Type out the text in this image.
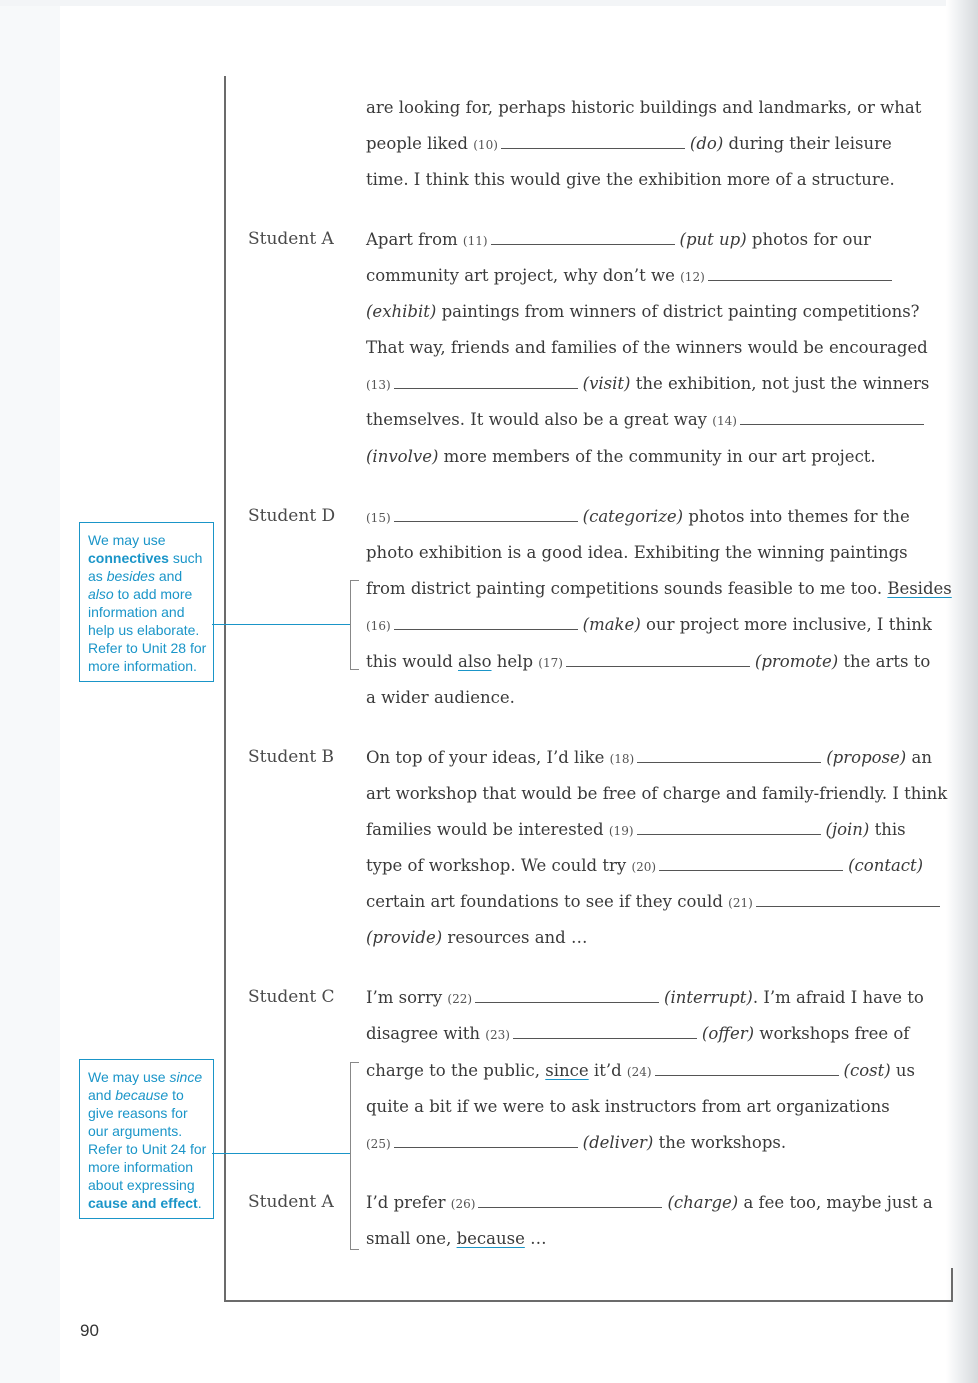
are looking for, perhaps historic buildings and landmarks, or what
people liked (10)	(do) during their leisure
time. I think this would give the exhibition more of a structure.
Student A Apart from (11)	(put up) photos for our
community art project, why don’t we (12)
(exhibit) paintings from winners of district painting competitions?
That way, friends and families of the winners would be encouraged
(13)	(visit) the exhibition, not just the winners
themselves. It would also be a great way (14)
(involve) more members of the community in our art project.
Student D	(15)	(categorize) photos into themes for the
photo exhibition is a good idea. Exhibiting the winning paintings
from district painting competitions sounds feasible to me too. Besides
(16)	(make) our project more inclusive, I think
this would also help (17)	(promote) the arts to
a wider audience.
Student B On top of your ideas, I’d like (18)	(propose) an
art workshop that would be free of charge and family-friendly. I think
families would be interested (19)	(join) this
type of workshop. We could try (20)	(contact)
certain art foundations to see if they could (21)
(provide) resources and …
Student C I’m sorry (22)	(interrupt). I’m afraid I have to
disagree with (23)	(offer) workshops free of
charge to the public, since it’d (24)	(cost) us
quite a bit if we were to ask instructors from art organizations
(25)	(deliver) the workshops.
Student A I’d prefer (26)	(charge) a fee too, maybe just a
small one, because …
We may use connectives such as besides and also to add more information and help us elaborate. Refer to Unit 28 for more information.
We may use since and because to give reasons for our arguments. Refer to Unit 24 for more information about expressing cause and effect.
90
